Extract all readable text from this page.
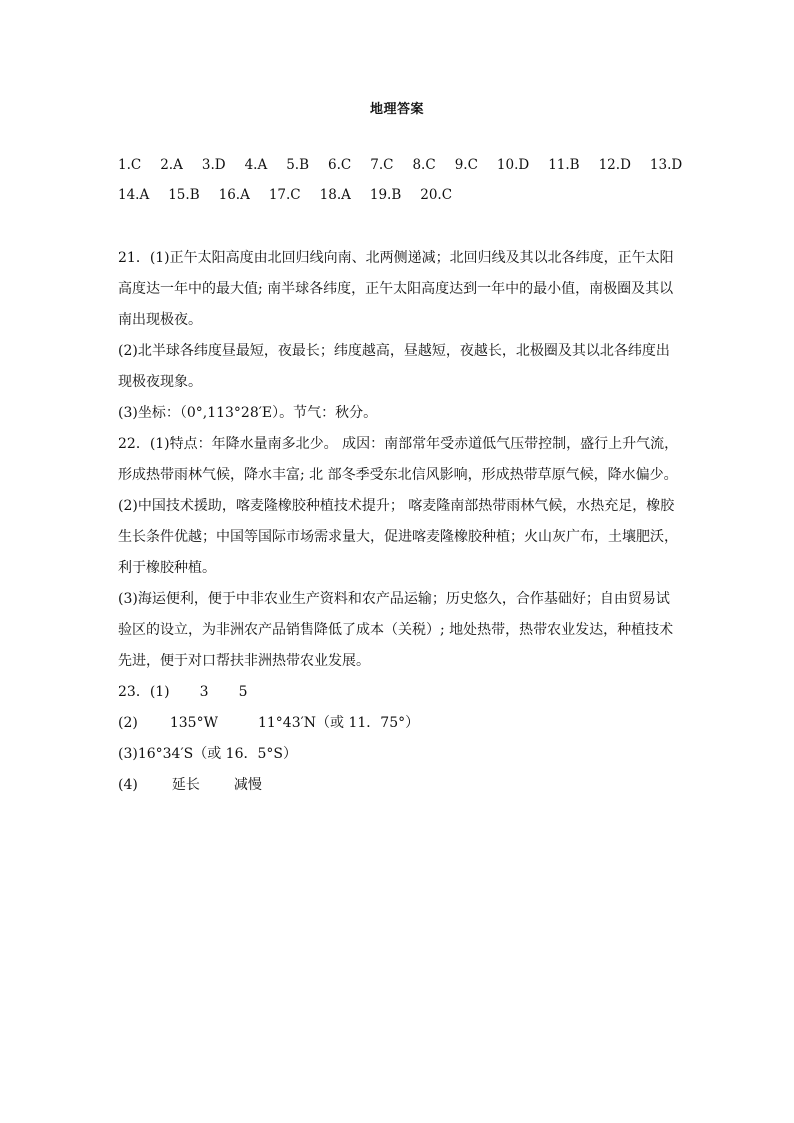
地理答案
1.C 2.A 3.D 4.A 5.B 6.C 7.C 8.C 9.C 10.D 11.B 12.D 13.D
14.A 15.B 16.A 17.C 18.A 19.B 20.C
21．(1)正午太阳高度由北回归线向南、北两侧递减；北回归线及其以北各纬度，正午太阳
高度达一年中的最大值; 南半球各纬度，正午太阳高度达到一年中的最小值，南极圈及其以
南出现极夜。
(2)北半球各纬度昼最短，夜最长；纬度越高，昼越短，夜越长，北极圈及其以北各纬度出
现极夜现象。
(3)坐标：（0°,113°28′E）。节气：秋分。
22．(1)特点：年降水量南多北少。 成因：南部常年受赤道低气压带控制，盛行上升气流，
形成热带雨林气候，降水丰富; 北 部冬季受东北信风影响，形成热带草原气候，降水偏少。
(2)中国技术援助，喀麦隆橡胶种植技术提升； 喀麦隆南部热带雨林气候，水热充足，橡胶
生长条件优越；中国等国际市场需求量大，促进喀麦隆橡胶种植；火山灰广布，土壤肥沃，
利于橡胶种植。
(3)海运便利，便于中非农业生产资料和农产品运输；历史悠久，合作基础好；自由贸易试
验区的设立，为非洲农产品销售降低了成本（关税）; 地处热带，热带农业发达，种植技术
先进，便于对口帮扶非洲热带农业发展。
23．(1) 3 5
(2) 135°W	11°43′N（或 11．75°）
(3)16°34′S（或 16．5°S）
(4) 延长 减慢
